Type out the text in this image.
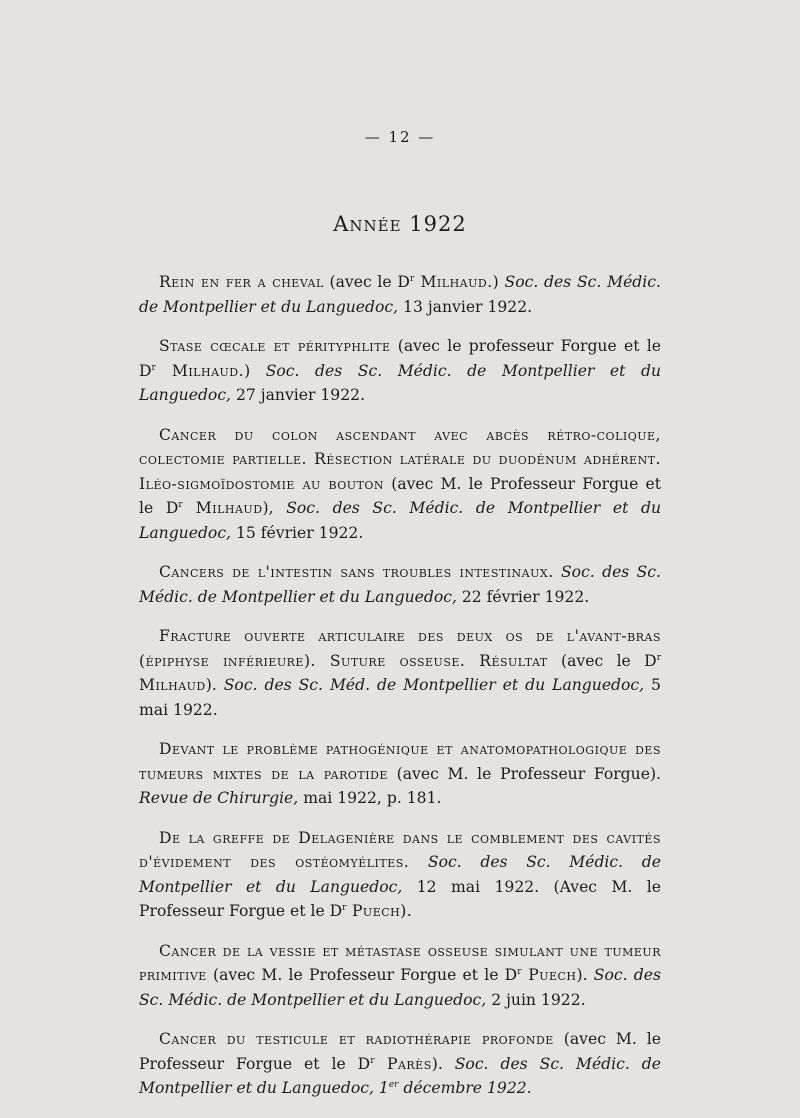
— 12 —
Année 1922

Rein en fer a cheval (avec le $D^r$ Milhaud.) Soc. des Sc. Médic. de Montpellier et du Languedoc, 13 janvier 1922.

Stase cœcale et pérityphlite (avec le professeur Forgue et le $D^r$ Milhaud.) Soc. des Sc. Médic. de Montpellier et du Languedoc, 27 janvier 1922.

Cancer du colon ascendant avec abcès rétro-colique, colectomie partielle. Résection latérale du duodénum adhérent. Iléo-sigmoïdostomie au bouton (avec M. le Professeur Forgue et le $D^r$ Milhaud), Soc. des Sc. Médic. de Montpellier et du Languedoc, 15 février 1922.

Cancers de l'intestin sans troubles intestinaux. Soc. des Sc. Médic. de Montpellier et du Languedoc, 22 février 1922.

Fracture ouverte articulaire des deux os de l'avant-bras (épiphyse inférieure). Suture osseuse. Résultat (avec le $D^r$ Milhaud). Soc. des Sc. Méd. de Montpellier et du Languedoc, 5 mai 1922.

Devant le problème pathogénique et anatomopathologique des tumeurs mixtes de la parotide (avec M. le Professeur Forgue). Revue de Chirurgie, mai 1922, p. 181.

De la greffe de Delagenière dans le comblement des cavités d'évidement des ostéomyélites. Soc. des Sc. Médic. de Montpellier et du Languedoc, 12 mai 1922. (Avec M. le Professeur Forgue et le $D^r$ Puech).

Cancer de la vessie et métastase osseuse simulant une tumeur primitive (avec M. le Professeur Forgue et le $D^r$ Puech). Soc. des Sc. Médic. de Montpellier et du Languedoc, 2 juin 1922.

Cancer du testicule et radiothérapie profonde (avec M. le Professeur Forgue et le $D^r$ Parès). Soc. des Sc. Médic. de Montpellier et du Languedoc, 1er décembre 1922.
